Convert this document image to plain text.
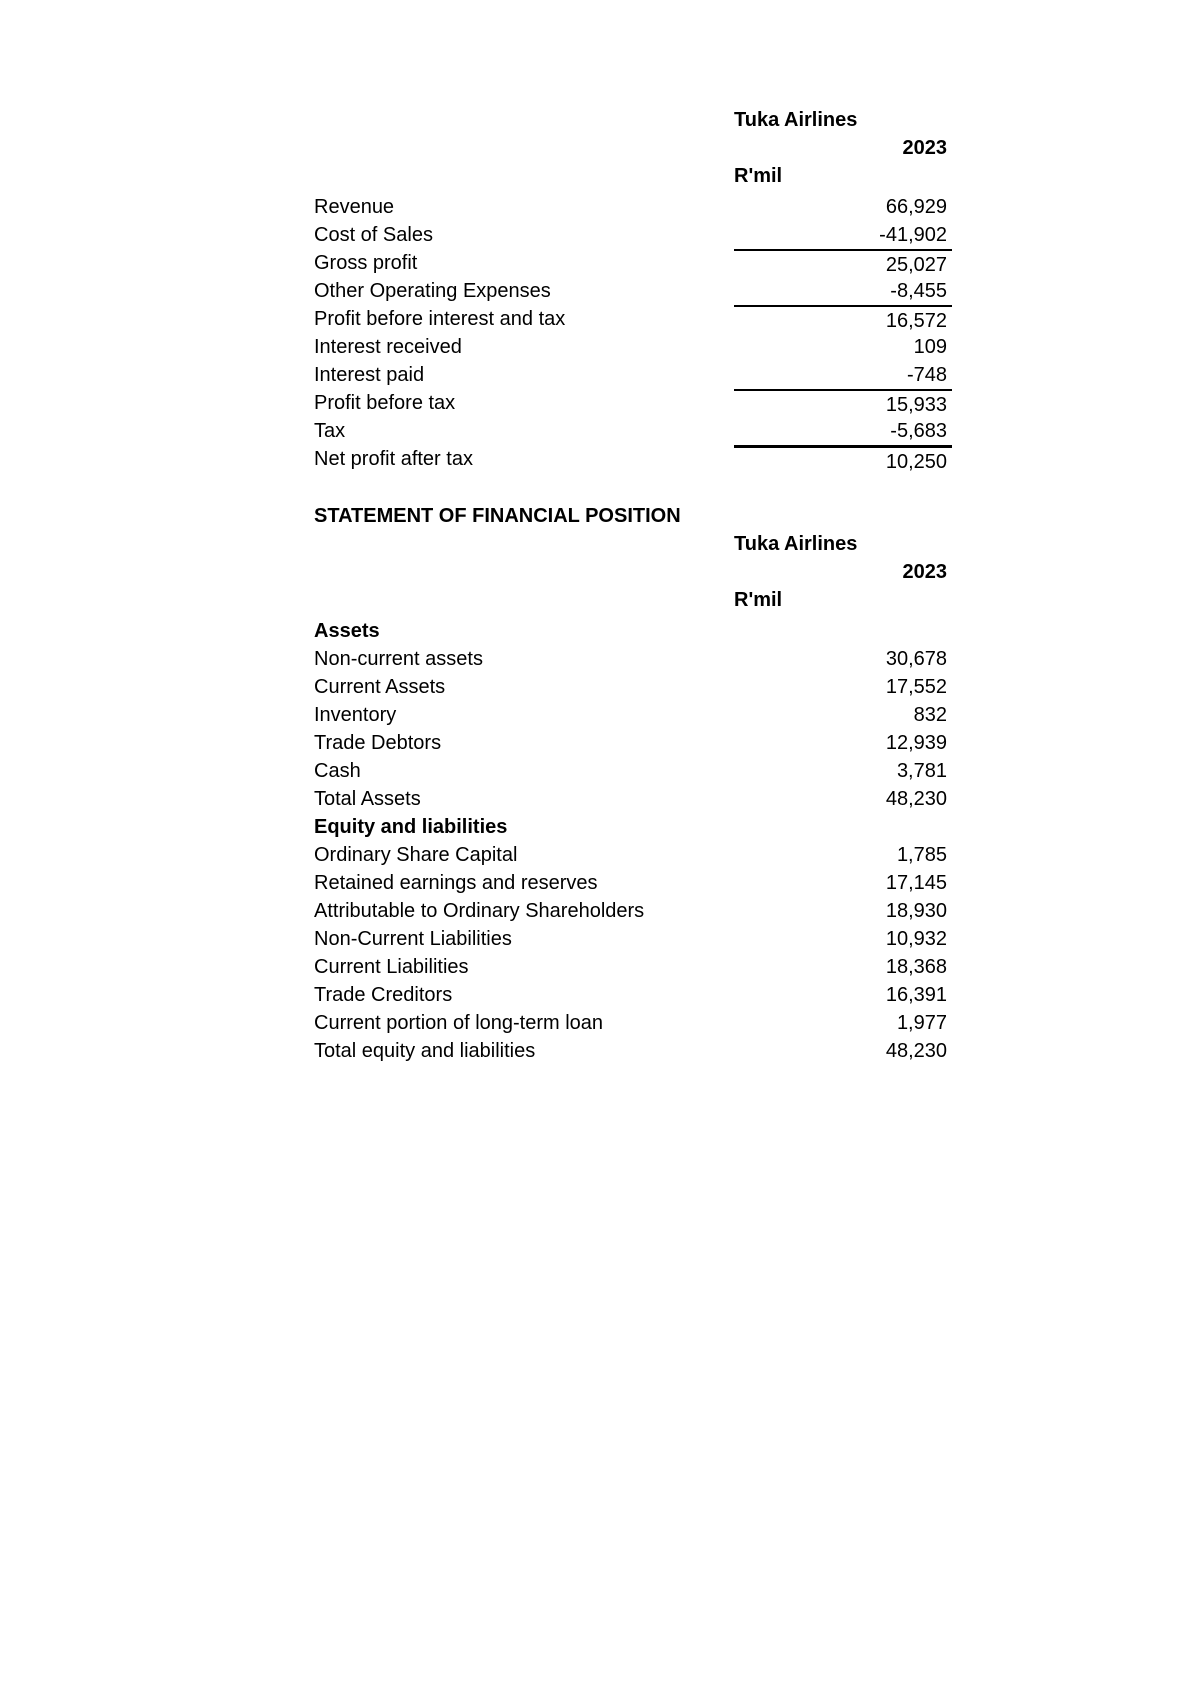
Tuka Airlines
2023
R'mil
Revenue	66,929
Cost of Sales	-41,902
Gross profit	25,027
Other Operating Expenses	-8,455
Profit before interest and tax	16,572
Interest received	109
Interest paid	-748
Profit before tax	15,933
Tax	-5,683
Net profit after tax	10,250
STATEMENT OF FINANCIAL POSITION
Tuka Airlines
2023
R'mil
Assets
Non-current assets	30,678
Current Assets	17,552
Inventory	832
Trade Debtors	12,939
Cash	3,781
Total Assets	48,230
Equity and liabilities
Ordinary Share Capital	1,785
Retained earnings and reserves	17,145
Attributable to Ordinary Shareholders	18,930
Non-Current Liabilities	10,932
Current Liabilities	18,368
Trade Creditors	16,391
Current portion of long-term loan	1,977
Total equity and liabilities	48,230
